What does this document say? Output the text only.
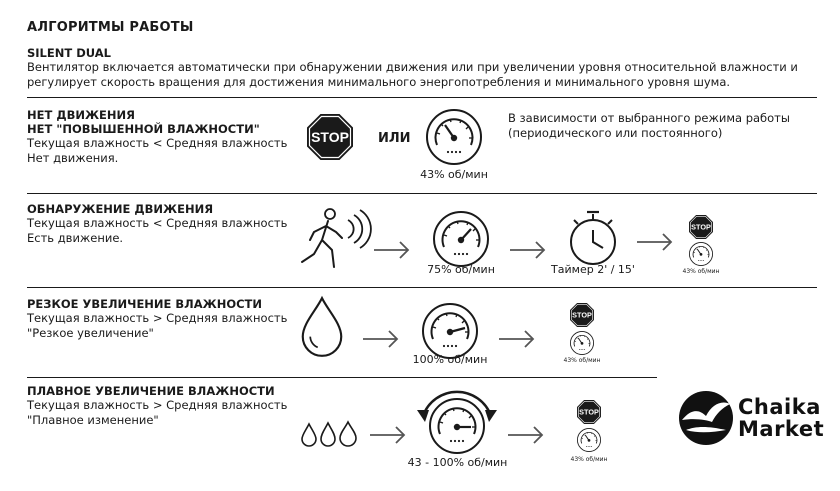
АЛГОРИТМЫ РАБОТЫ
SILENT DUAL
Вентилятор включается автоматически при обнаружении движения или при увеличении уровня относительной влажности и регулирует скорость вращения для достижения минимального энергопотребления и минимального уровня шума.
НЕТ ДВИЖЕНИЯ
НЕТ "ПОВЫШЕННОЙ ВЛАЖНОСТИ"
Текущая влажность < Средняя влажность
Нет движения.
STOP ИЛИ
43% об/мин
В зависимости от выбранного режима работы (периодического или постоянного)
ОБНАРУЖЕНИЕ ДВИЖЕНИЯ
Текущая влажность < Средняя влажность
Есть движение.
75% об/мин	Таймер 2' / 15'
STOP
43% об/мин
РЕЗКОЕ УВЕЛИЧЕНИЕ ВЛАЖНОСТИ
Текущая влажность > Средняя влажность
"Резкое увеличение"
100% об/мин
STOP
43% об/мин
ПЛАВНОЕ УВЕЛИЧЕНИЕ ВЛАЖНОСТИ
Текущая влажность > Средняя влажность
"Плавное изменение"
43 - 100% об/мин
STOP
43% об/мин
Chaika
Market
